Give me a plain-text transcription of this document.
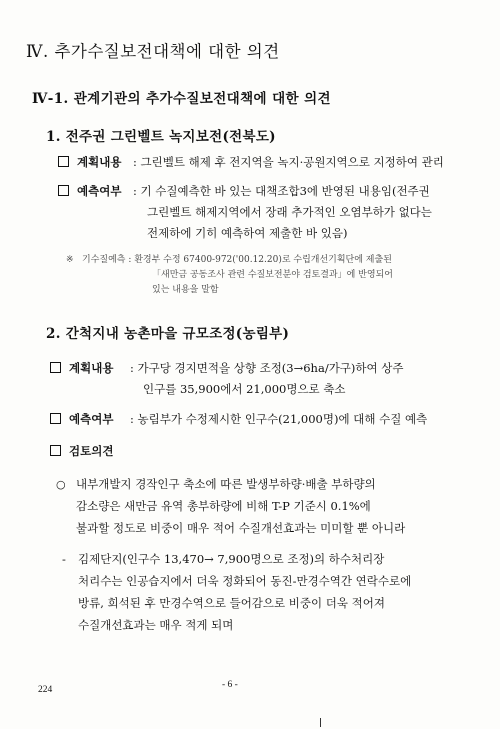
Ⅳ. 추가수질보전대책에 대한 의견
Ⅳ-1. 관계기관의 추가수질보전대책에 대한 의견
1. 전주권 그린벨트 녹지보전(전북도)
계획내용 : 그린벨트 해제 후 전지역을 녹지·공원지역으로 지정하여 관리
예측여부 : 기 수질예측한 바 있는 대책조합3에 반영된 내용임(전주권
그린벨트 해제지역에서 장래 추가적인 오염부하가 없다는
전제하에 기히 예측하여 제출한 바 있음)
※ 기수질예측 : 환경부 수정 67400-972('00.12.20)로 수립개선기획단에 제출된
「새만금 공동조사 관련 수질보전분야 검토결과」에 반영되어
있는 내용을 말함
2. 간척지내 농촌마을 규모조정(농림부)
계획내용 : 가구당 경지면적을 상향 조정(3→6ha/가구)하여 상주
인구를 35,900에서 21,000명으로 축소
예측여부 : 농림부가 수정제시한 인구수(21,000명)에 대해 수질 예측
검토의견
○ 내부개발지 경작인구 축소에 따른 발생부하량·배출 부하량의
감소량은 새만금 유역 총부하량에 비해 T-P 기준시 0.1%에
불과할 정도로 비중이 매우 적어 수질개선효과는 미미할 뿐 아니라
- 김제단지(인구수 13,470→ 7,900명으로 조정)의 하수처리장
처리수는 인공습지에서 더욱 정화되어 동진-만경수역간 연락수로에
방류, 희석된 후 만경수역으로 들어감으로 비중이 더욱 적어져
수질개선효과는 매우 적게 되며
224	- 6 -
